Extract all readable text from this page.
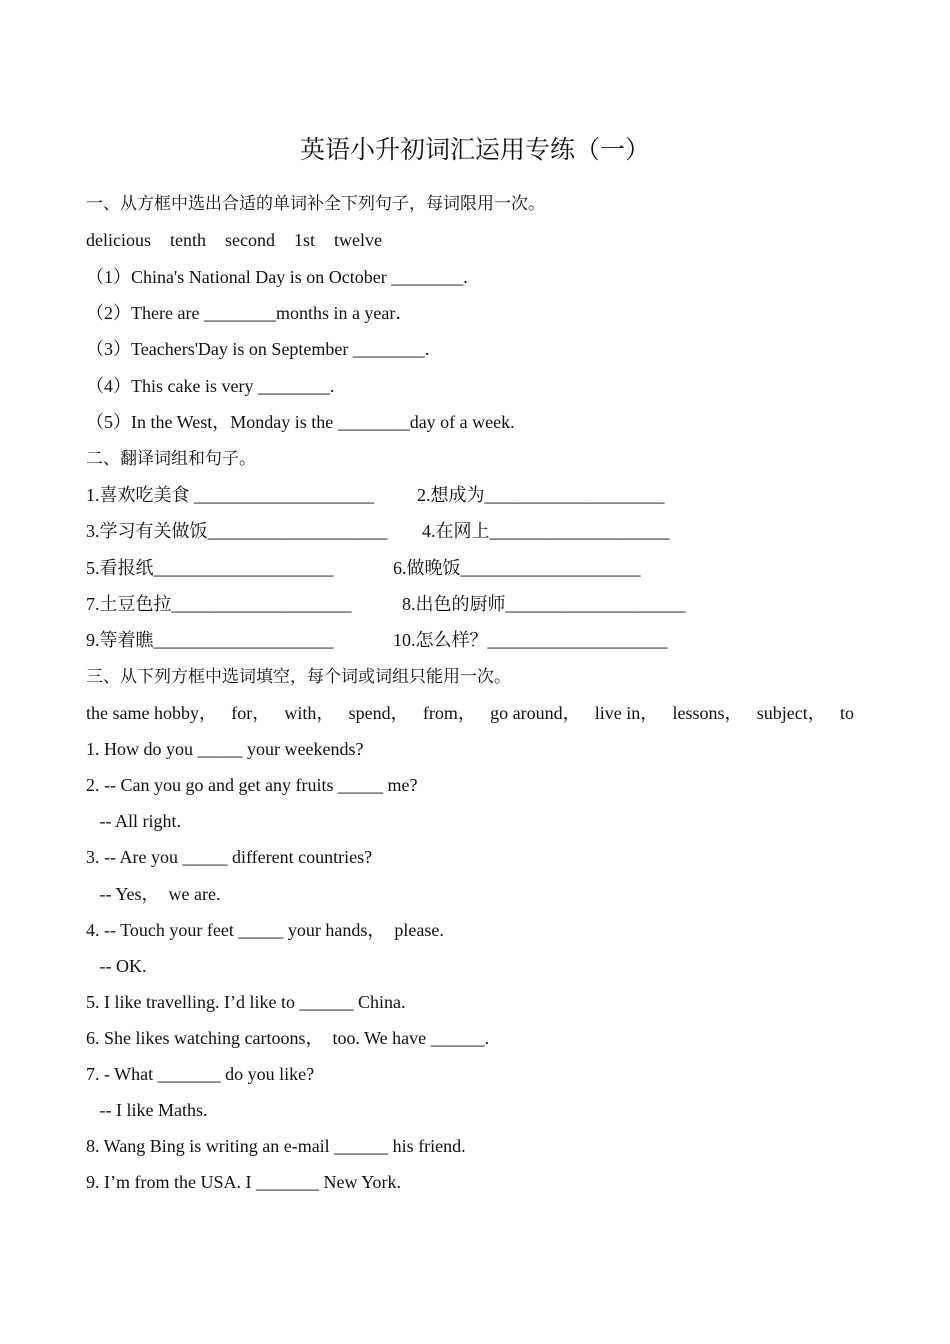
英语小升初词汇运用专练（一）
一、从方框中选出合适的单词补全下列句子，每词限用一次。
delicious tenth second 1st twelve
（1）China's National Day is on October ________.
（2）There are ________months in a year．
（3）Teachers'Day is on September ________.
（4）This cake is very ________.
（5）In the West，Monday is the ________day of a week.
二、翻译词组和句子。
1.喜欢吃美食 ____________________ 2.想成为____________________
3.学习有关做饭____________________ 4.在网上____________________
5.看报纸____________________	6.做晚饭____________________
7.土豆色拉____________________	8.出色的厨师____________________
9.等着瞧____________________	10.怎么样？____________________
三、从下列方框中选词填空，每个词或词组只能用一次。
the same hobby， for， with， spend， from， go around， live in， lessons， subject， to
1. How do you _____ your weekends?
2. -- Can you go and get any fruits _____ me?
-- All right.
3. -- Are you _____ different countries?
-- Yes，  we are.
4. -- Touch your feet _____ your hands，  please.
-- OK.
5. I like travelling. I’d like to ______ China.
6. She likes watching cartoons，  too. We have ______.
7. - What _______ do you like?
-- I like Maths.
8. Wang Bing is writing an e-mail ______ his friend.
9. I’m from the USA. I _______ New York.
